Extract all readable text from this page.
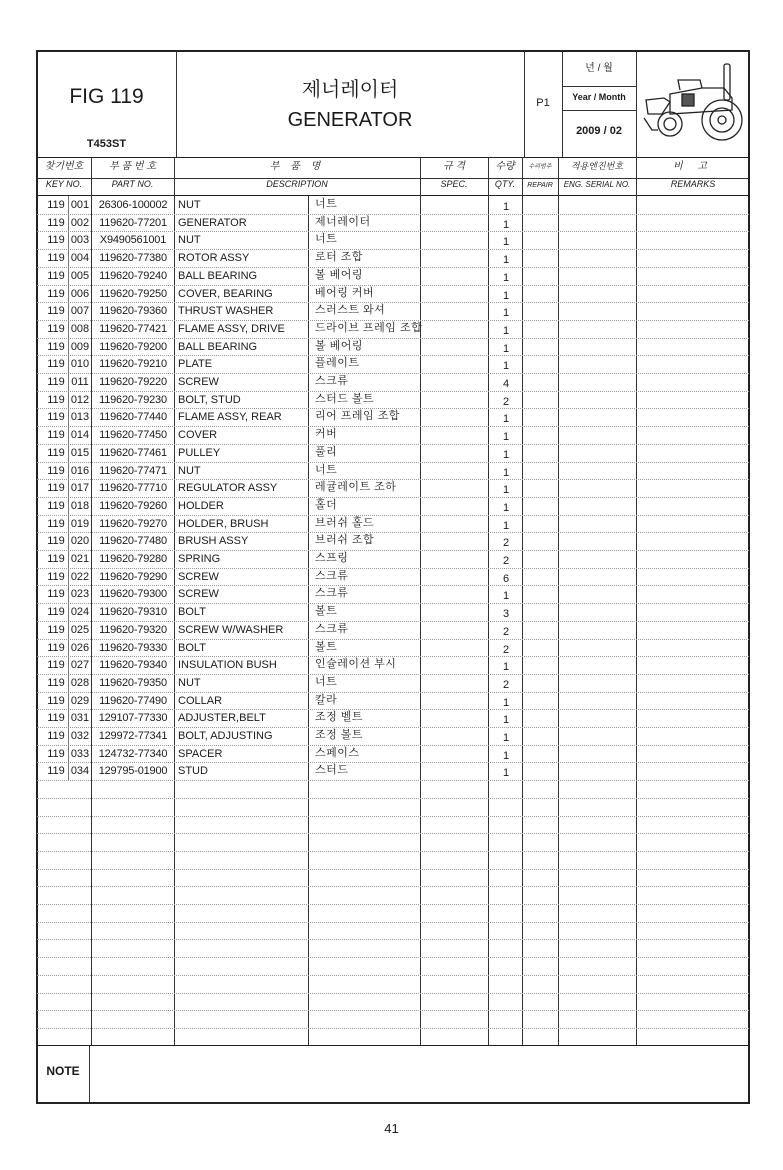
FIG 119
T453ST
제너레이터
GENERATOR
P1
년 / 월
Year / Month
2009 / 02
찾기번호
KEY NO.
부 품 번 호
PART NO.
부 품 명
DESCRIPTION
규 격
SPEC.
수량
QTY.
수리범주
REPAIR
적용엔진번호
ENG. SERIAL NO.
비 고
REMARKS
119 001 26306-100002 NUT	너트	1
119 002 119620-77201	GENERATOR	제너레이터	1
119 003 X9490561001	NUT	너트	1
119 004 119620-77380	ROTOR ASSY	로터 조합	1
119 005 119620-79240	BALL BEARING	볼 베어링	1
119 006 119620-79250	COVER, BEARING	베어링 커버	1
119 007 119620-79360	THRUST WASHER	스러스트 와셔	1
119 008 119620-77421	FLAME ASSY, DRIVE	드라이브 프레임 조합	1
119 009 119620-79200	BALL BEARING	볼 베어링	1
119 010 119620-79210	PLATE	플레이트	1
119 011 119620-79220	SCREW	스크류	4
119 012 119620-79230	BOLT, STUD	스터드 볼트	2
119 013 119620-77440	FLAME ASSY, REAR	리어 프레임 조합	1
119 014 119620-77450	COVER	커버	1
119 015 119620-77461	PULLEY	풀리	1
119 016 119620-77471	NUT	너트	1
119 017 119620-77710	REGULATOR ASSY	레귤레이트 조하	1
119 018 119620-79260	HOLDER	홀더	1
119 019 119620-79270	HOLDER, BRUSH	브러쉬 홀드	1
119 020 119620-77480	BRUSH ASSY	브러쉬 조합	2
119 021 119620-79280	SPRING	스프링	2
119 022 119620-79290	SCREW	스크류	6
119 023 119620-79300	SCREW	스크류	1
119 024 119620-79310	BOLT	볼트	3
119 025 119620-79320	SCREW W/WASHER	스크류	2
119 026 119620-79330	BOLT	볼트	2
119 027 119620-79340	INSULATION BUSH	인슐레이션 부시	1
119 028 119620-79350	NUT	너트	2
119 029 119620-77490	COLLAR	칼라	1
119 031 129107-77330 ADJUSTER,BELT	조정 벨트	1
119 032 129972-77341 BOLT, ADJUSTING	조정 볼트	1
119 033 124732-77340 SPACER	스페이스	1
119 034 129795-01900 STUD	스터드	1
NOTE
41
